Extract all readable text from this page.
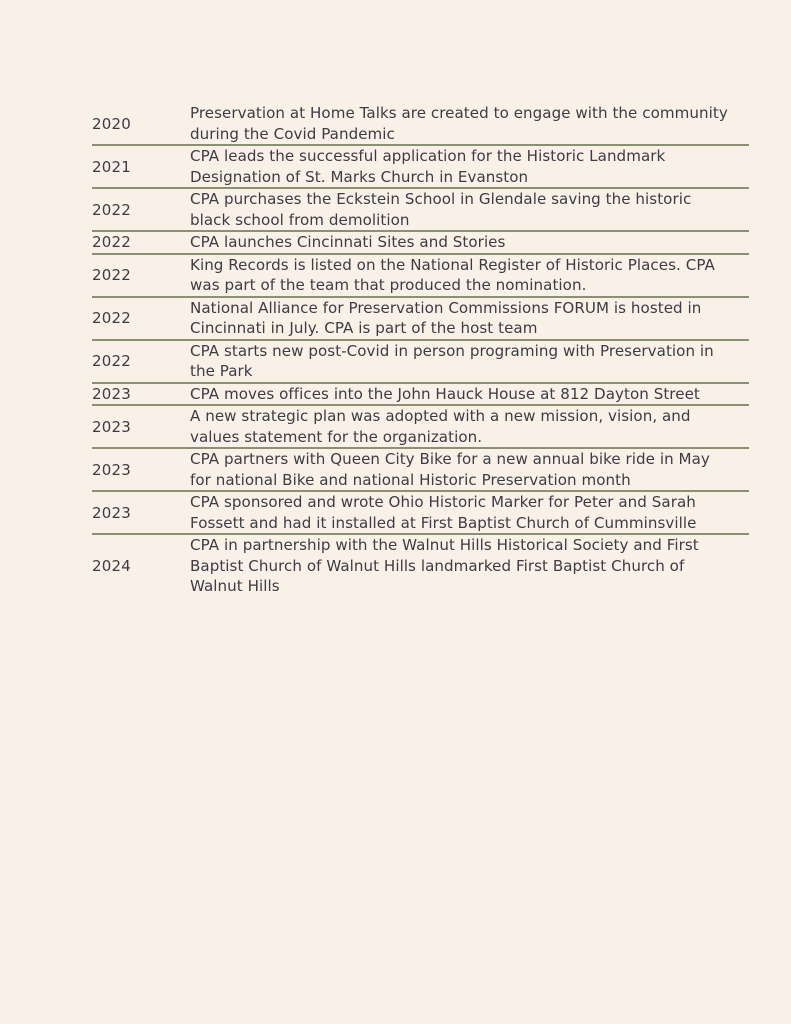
2020	Preservation at Home Talks are created to engage with the community during the Covid Pandemic

2021	CPA leads the successful application for the Historic Landmark Designation of St. Marks Church in Evanston

2022	CPA purchases the Eckstein School in Glendale saving the historic black school from demolition

2022	CPA launches Cincinnati Sites and Stories

2022	King Records is listed on the National Register of Historic Places. CPA was part of the team that produced the nomination.

2022	National Alliance for Preservation Commissions FORUM is hosted in Cincinnati in July. CPA is part of the host team

2022	CPA starts new post-Covid in person programing with Preservation in the Park

2023	CPA moves offices into the John Hauck House at 812 Dayton Street

2023	A new strategic plan was adopted with a new mission, vision, and values statement for the organization.

2023	CPA partners with Queen City Bike for a new annual bike ride in May for national Bike and national Historic Preservation month

2023	CPA sponsored and wrote Ohio Historic Marker for Peter and Sarah Fossett and had it installed at First Baptist Church of Cumminsville

2024	CPA in partnership with the Walnut Hills Historical Society and First Baptist Church of Walnut Hills landmarked First Baptist Church of Walnut Hills
